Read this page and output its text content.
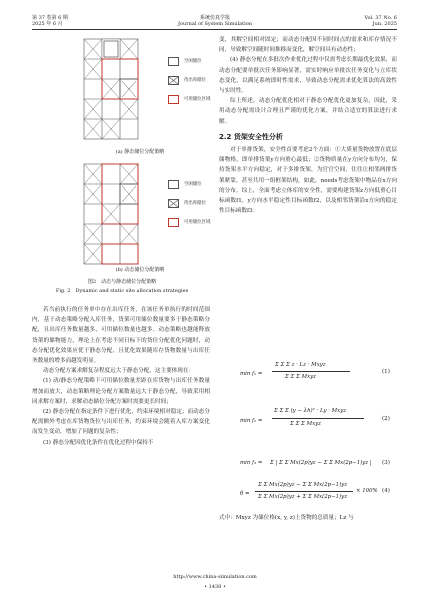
第 37 卷第 6 期
2025 年 6 月
系统仿真学报
Journal of System Simulation
Vol. 37 No. 6
Jun. 2025
空闲储位
待出库储位
可用储位区域
(a) 静态储位分配策略
空闲储位
待出库储位
可用储位区域
(b) 动态储位分配策略
图2　动态与静态储位分配策略
Fig. 2　Dynamic and static site allocation strategies

若当前执行的任务单中存在出库任务，在该任务单执行的时间范围内，基于动态策略分配入库任务，货架可用储位数量要多于静态策略分配，且出库任务数量越多，可用储位数量也越多。动态策略也越能释放货架的储物能力，理论上在考虑不同日标下的货位分配优化问题时，动态分配优化效果应优于静态分配，且优化效果随库存货物数量与出库任务数量的增多而越发明显。

动态分配方案求解复杂程度远大于静态分配，这主要体现在：

(1) 动/静态分配策略下可用储位数量差距在库货物与出库任务数量增加而放大，动态策略理论分配方案数量远大于静态分配，导致采用相同求解方案时，求解动态储位分配方案时需要更长时间；

(2) 静态分配在指定条件下进行优化，约束环境相对稳定；而动态分配需额外考虑在库货物货位与出库任务，约束环境会随着入库方案变化而发生变动，增加了问题的复杂性；

(3) 静态分配因优化条件在优化过程中保持不

变，其解空间相对固定；而动态分配因不同时间点的需求和库存情况不同，导致解空间随时间推移而变化，解空间具有动态性；

(4) 静态分配在多批次作业优化过程中仅需考虑长期最优化效果，而动态分配要单批次任务影响显著，需实时响应单批次任务变化与立库状态变化，以满足系统即时性需求，导致动态分配需求优化算法的高效性与实时性。

综上所述，动态分配优化相对于静态分配优化更加复杂，因此，采用动态分配需设计合理且严谨的优化方案，并结合适宜的算法进行求解。

2.2 货架安全性分析

对于单排货架，安全性首要考虑2个方面：①大质量货物放置在底层储物格，即单排货架y方向重心最低；②货物质量在y方向分布均匀，保持货架水平方向稳定，对于多排货架，为官官空间，往往让相邻两排货架紧靠，甚至共用一组框架结构，如此，needs考虑货架中物品在x方向的分布。综上，全面考虑立体库的安全性，需要构建货架z方向低重心目标函数f1，y方向水平稳定性目标函数f2，以及相邻货架沿x方向的稳定性目标函数f3：

min f₁ =
Σ Σ Σ z · Lz · Mxyz
Σ Σ Σ Mxyz
(1)
min f₂ =
Σ Σ Σ (y − λh)² · Ly · Mxyz
Σ Σ Σ Mxyz
(2)
min f₃ = Σ | Σ Σ Mx(2p)yz − Σ Σ Mx(2p−1)yz | (3)
θ =
Σ Σ Mx(2p)yz − Σ Σ Mx(2p−1)yz
Σ Σ Mx(2p)yz + Σ Σ Mx(2p−1)yz
× 100% (4)

式中：Mxyz 为储位格(x, y, z)上货物的总质量；Lz 与

http://www.china-simulation.com
• 1438 •
